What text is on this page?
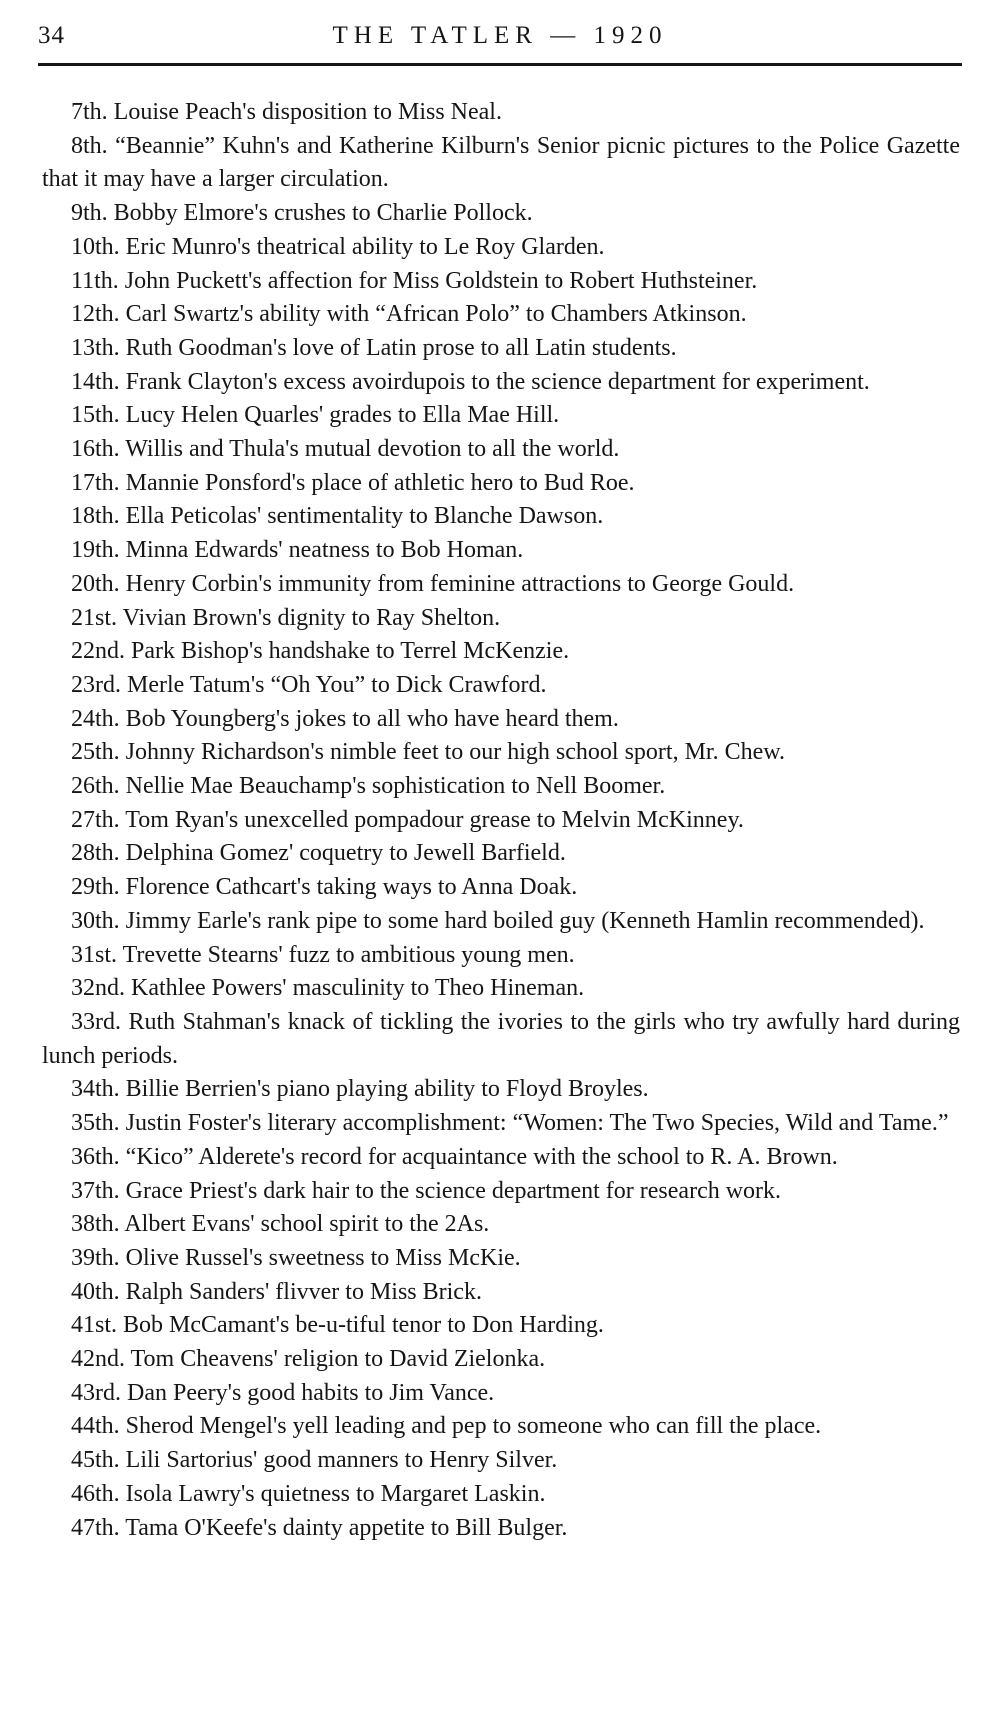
34	THE TATLER — 1920

7th. Louise Peach's disposition to Miss Neal.

8th. “Beannie” Kuhn's and Katherine Kilburn's Senior picnic pictures to the Police Gazette that it may have a larger circulation.

9th. Bobby Elmore's crushes to Charlie Pollock.

10th. Eric Munro's theatrical ability to Le Roy Glarden.

11th. John Puckett's affection for Miss Goldstein to Robert Huthsteiner.

12th. Carl Swartz's ability with “African Polo” to Chambers Atkinson.

13th. Ruth Goodman's love of Latin prose to all Latin students.

14th. Frank Clayton's excess avoirdupois to the science department for experiment.

15th. Lucy Helen Quarles' grades to Ella Mae Hill.

16th. Willis and Thula's mutual devotion to all the world.

17th. Mannie Ponsford's place of athletic hero to Bud Roe.

18th. Ella Peticolas' sentimentality to Blanche Dawson.

19th. Minna Edwards' neatness to Bob Homan.

20th. Henry Corbin's immunity from feminine attractions to George Gould.

21st. Vivian Brown's dignity to Ray Shelton.

22nd. Park Bishop's handshake to Terrel McKenzie.

23rd. Merle Tatum's “Oh You” to Dick Crawford.

24th. Bob Youngberg's jokes to all who have heard them.

25th. Johnny Richardson's nimble feet to our high school sport, Mr. Chew.

26th. Nellie Mae Beauchamp's sophistication to Nell Boomer.

27th. Tom Ryan's unexcelled pompadour grease to Melvin McKinney.

28th. Delphina Gomez' coquetry to Jewell Barfield.

29th. Florence Cathcart's taking ways to Anna Doak.

30th. Jimmy Earle's rank pipe to some hard boiled guy (Kenneth Hamlin recommended).

31st. Trevette Stearns' fuzz to ambitious young men.

32nd. Kathlee Powers' masculinity to Theo Hineman.

33rd. Ruth Stahman's knack of tickling the ivories to the girls who try awfully hard during lunch periods.

34th. Billie Berrien's piano playing ability to Floyd Broyles.

35th. Justin Foster's literary accomplishment: “Women: The Two Species, Wild and Tame.”

36th. “Kico” Alderete's record for acquaintance with the school to R. A. Brown.

37th. Grace Priest's dark hair to the science department for research work.

38th. Albert Evans' school spirit to the 2As.

39th. Olive Russel's sweetness to Miss McKie.

40th. Ralph Sanders' flivver to Miss Brick.

41st. Bob McCamant's be-u-tiful tenor to Don Harding.

42nd. Tom Cheavens' religion to David Zielonka.

43rd. Dan Peery's good habits to Jim Vance.

44th. Sherod Mengel's yell leading and pep to someone who can fill the place.

45th. Lili Sartorius' good manners to Henry Silver.

46th. Isola Lawry's quietness to Margaret Laskin.

47th. Tama O'Keefe's dainty appetite to Bill Bulger.
